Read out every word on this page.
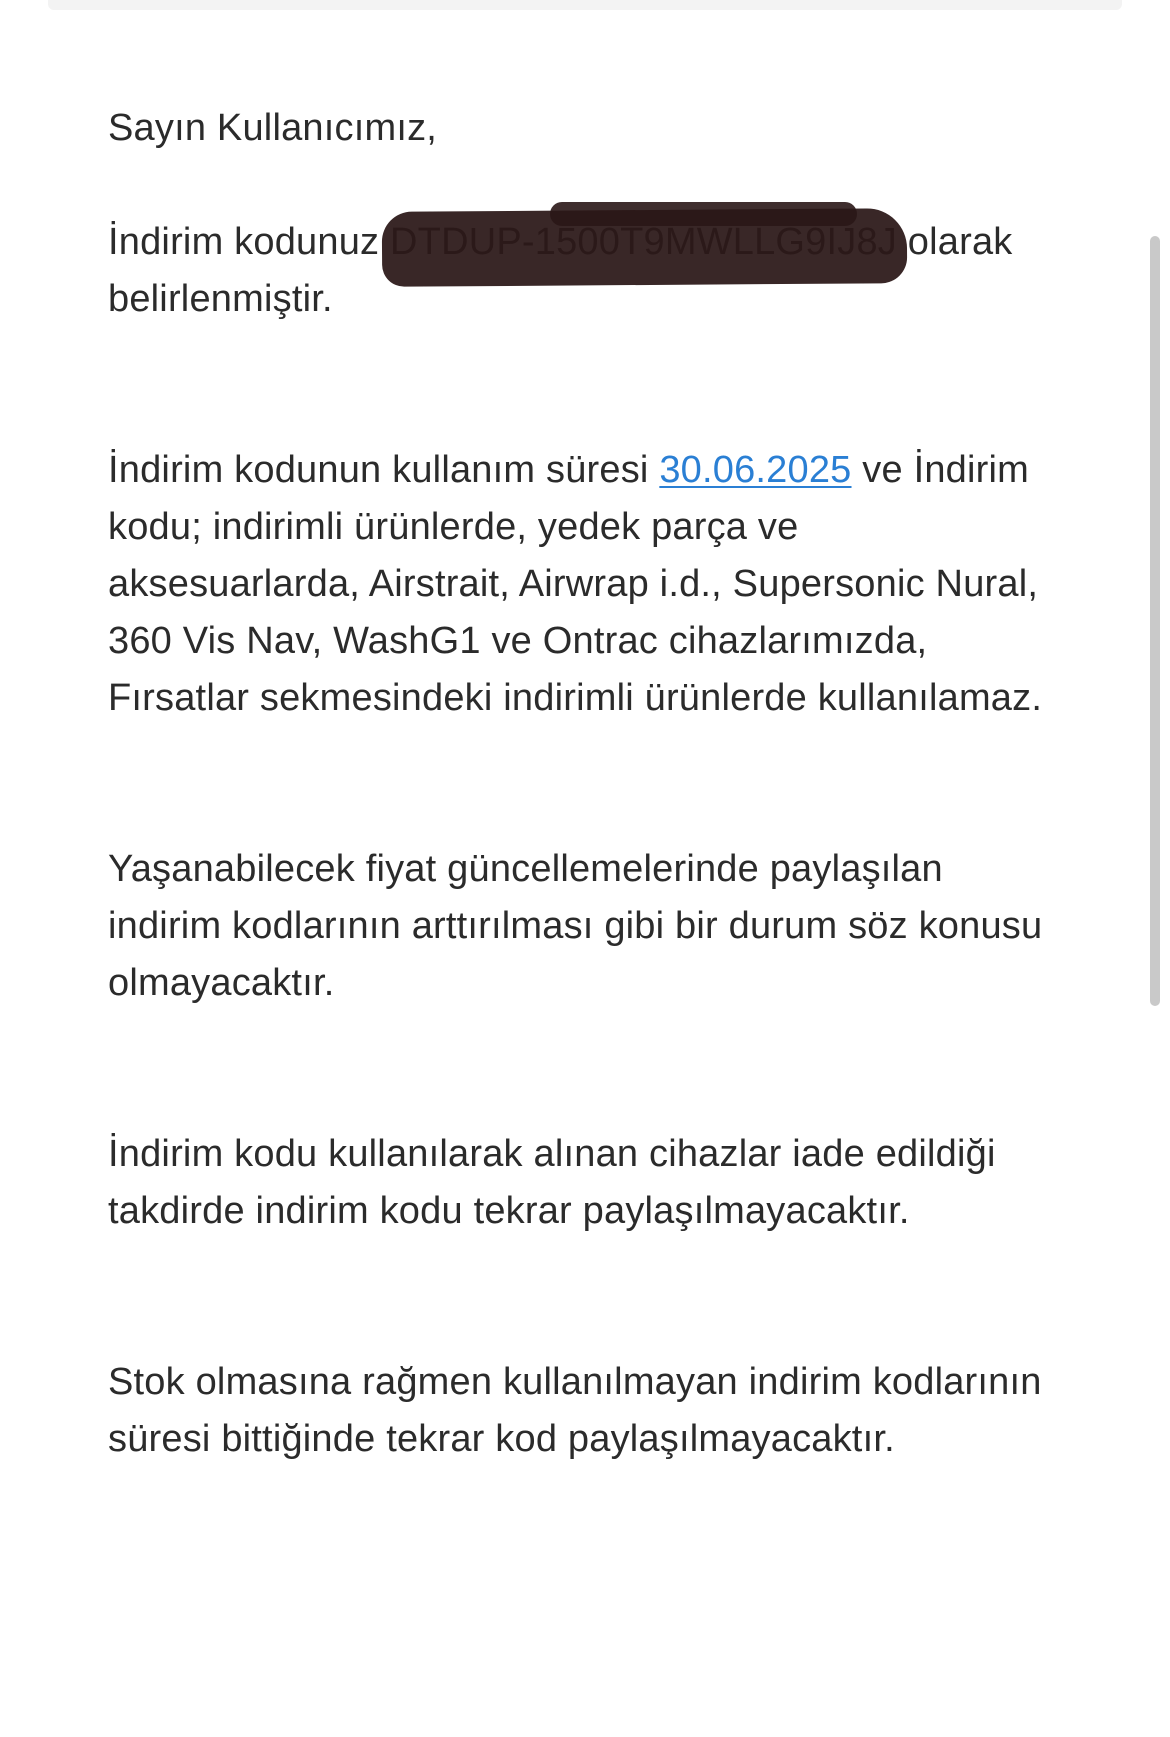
Sayın Kullanıcımız,

İndirim kodunuz	olarak belirlenmiştir.

İndirim kodunun kullanım süresi 30.06.2025 ve İndirim kodu; indirimli ürünlerde, yedek parça ve aksesuarlarda, Airstrait, Airwrap i.d., Supersonic Nural, 360 Vis Nav, WashG1 ve Ontrac cihazlarımızda, Fırsatlar sekmesindeki indirimli ürünlerde kullanılamaz.

Yaşanabilecek fiyat güncellemelerinde paylaşılan indirim kodlarının arttırılması gibi bir durum söz konusu olmayacaktır.

İndirim kodu kullanılarak alınan cihazlar iade edildiği takdirde indirim kodu tekrar paylaşılmayacaktır.

Stok olmasına rağmen kullanılmayan indirim kodlarının süresi bittiğinde tekrar kod paylaşılmayacaktır.
